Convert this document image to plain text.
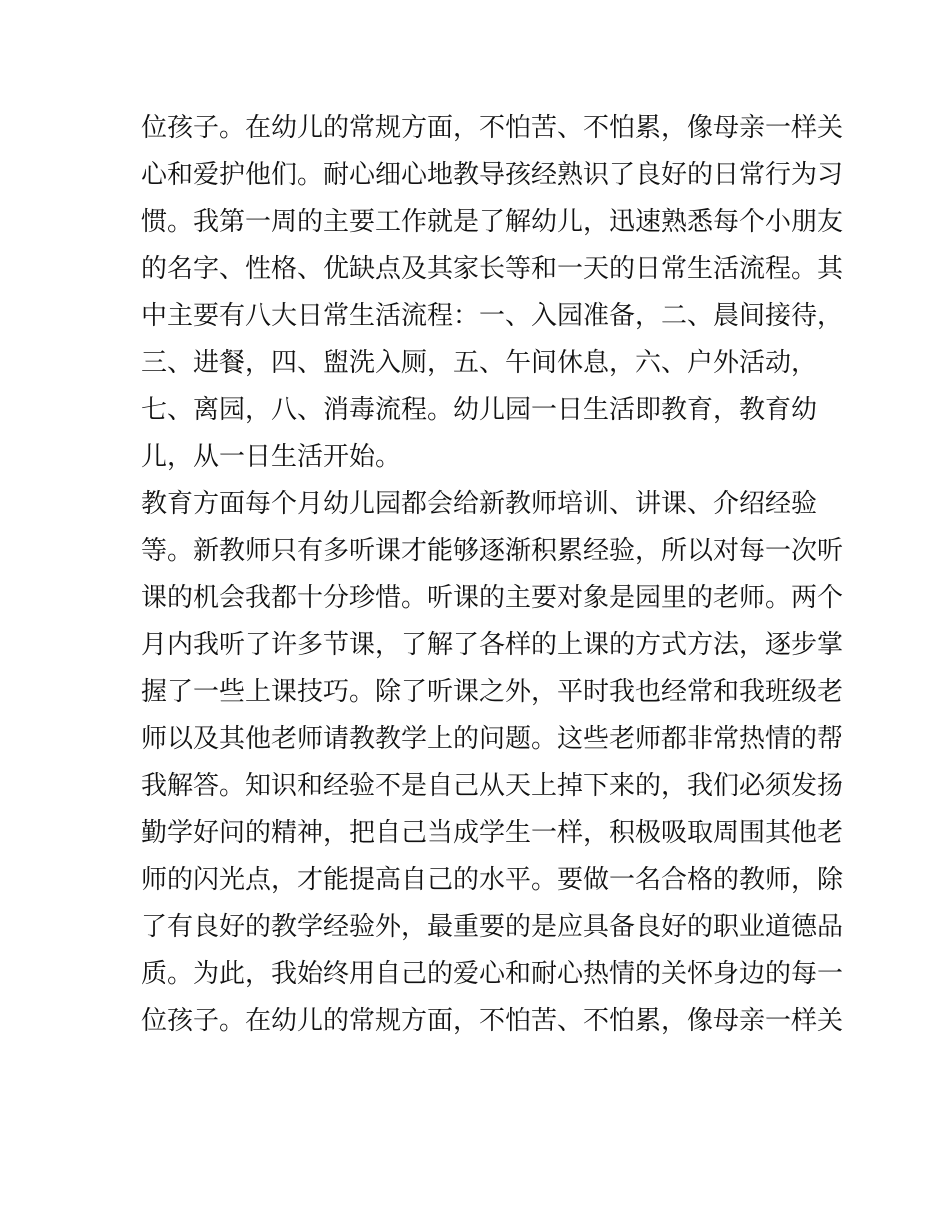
位孩子。在幼儿的常规方面，不怕苦、不怕累，像母亲一样关

心和爱护他们。耐心细心地教导孩经熟识了良好的日常行为习

惯。我第一周的主要工作就是了解幼儿，迅速熟悉每个小朋友

的名字、性格、优缺点及其家长等和一天的日常生活流程。其

中主要有八大日常生活流程：一、入园准备，二、晨间接待，

三、进餐，四、盥洗入厕，五、午间休息，六、户外活动，

七、离园，八、消毒流程。幼儿园一日生活即教育，教育幼

儿，从一日生活开始。

教育方面每个月幼儿园都会给新教师培训、讲课、介绍经验

等。新教师只有多听课才能够逐渐积累经验，所以对每一次听

课的机会我都十分珍惜。听课的主要对象是园里的老师。两个

月内我听了许多节课，了解了各样的上课的方式方法，逐步掌

握了一些上课技巧。除了听课之外，平时我也经常和我班级老

师以及其他老师请教教学上的问题。这些老师都非常热情的帮

我解答。知识和经验不是自己从天上掉下来的，我们必须发扬

勤学好问的精神，把自己当成学生一样，积极吸取周围其他老

师的闪光点，才能提高自己的水平。要做一名合格的教师，除

了有良好的教学经验外，最重要的是应具备良好的职业道德品

质。为此，我始终用自己的爱心和耐心热情的关怀身边的每一

位孩子。在幼儿的常规方面，不怕苦、不怕累，像母亲一样关
